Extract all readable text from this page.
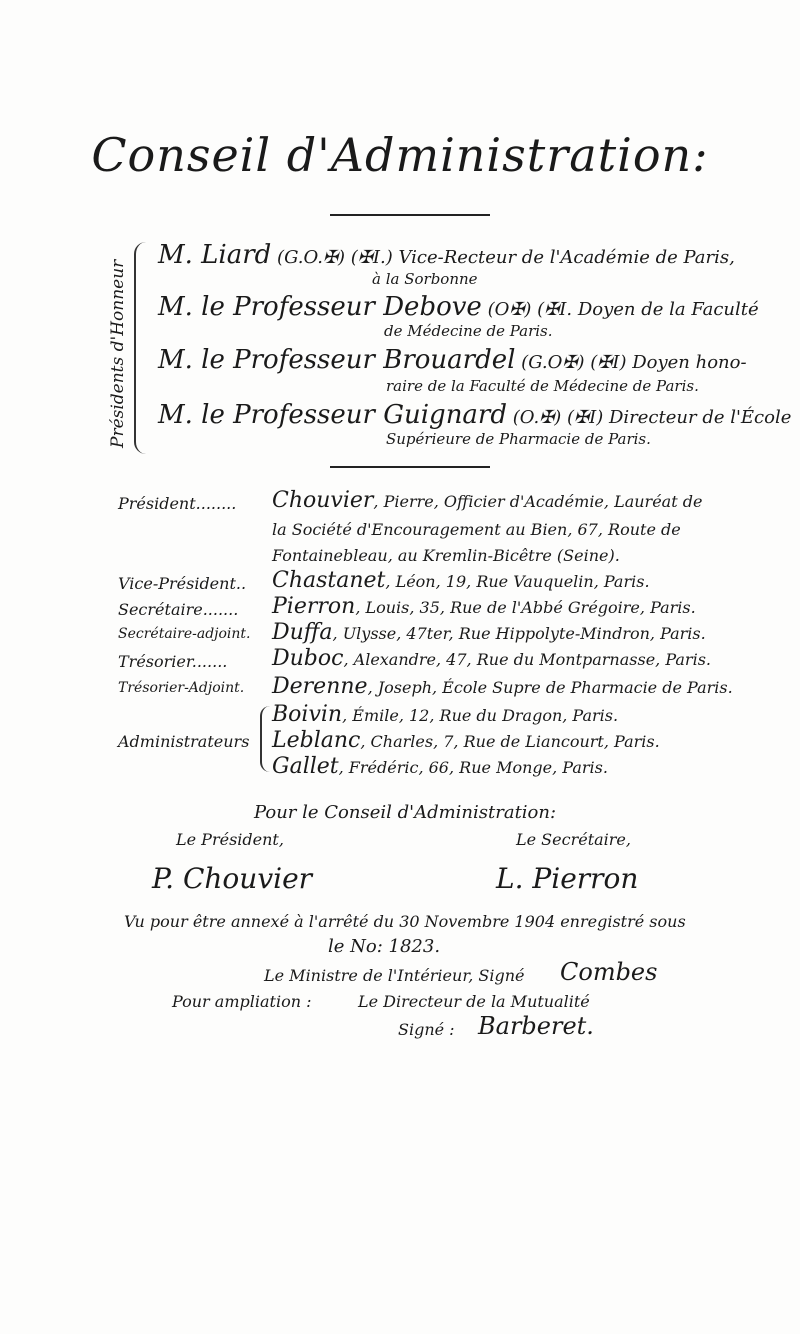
Conseil d'Administration:
Présidents d'Honneur
M. Liard (G.O.✠) (✠I.) Vice-Recteur de l'Académie de Paris,
à la Sorbonne
M. le Professeur Debove (O✠) (✠I. Doyen de la Faculté
de Médecine de Paris.
M. le Professeur Brouardel (G.O✠) (✠I) Doyen hono-
raire de la Faculté de Médecine de Paris.
M. le Professeur Guignard (O.✠) (✠I) Directeur de l'École
Supérieure de Pharmacie de Paris.
Président........ Chouvier, Pierre, Officier d'Académie, Lauréat de
la Société d'Encouragement au Bien, 67, Route de
Fontainebleau, au Kremlin-Bicêtre (Seine).
Vice-Président.. Chastanet, Léon, 19, Rue Vauquelin, Paris.
Secrétaire....... Pierron, Louis, 35, Rue de l'Abbé Grégoire, Paris.
Secrétaire-adjoint. Duffa, Ulysse, 47ter, Rue Hippolyte-Mindron, Paris.
Trésorier....... Duboc, Alexandre, 47, Rue du Montparnasse, Paris.
Trésorier-Adjoint. Derenne, Joseph, École Supre de Pharmacie de Paris.
Administrateurs
Boivin, Émile, 12, Rue du Dragon, Paris.
Leblanc, Charles, 7, Rue de Liancourt, Paris.
Gallet, Frédéric, 66, Rue Monge, Paris.
Pour le Conseil d'Administration:
Le Président,	Le Secrétaire,
P. Chouvier	L. Pierron
Vu pour être annexé à l'arrêté du 30 Novembre 1904 enregistré sous
le No: 1823.
Le Ministre de l'Intérieur, Signé Combes
Pour ampliation :	Le Directeur de la Mutualité
Signé : Barberet.
